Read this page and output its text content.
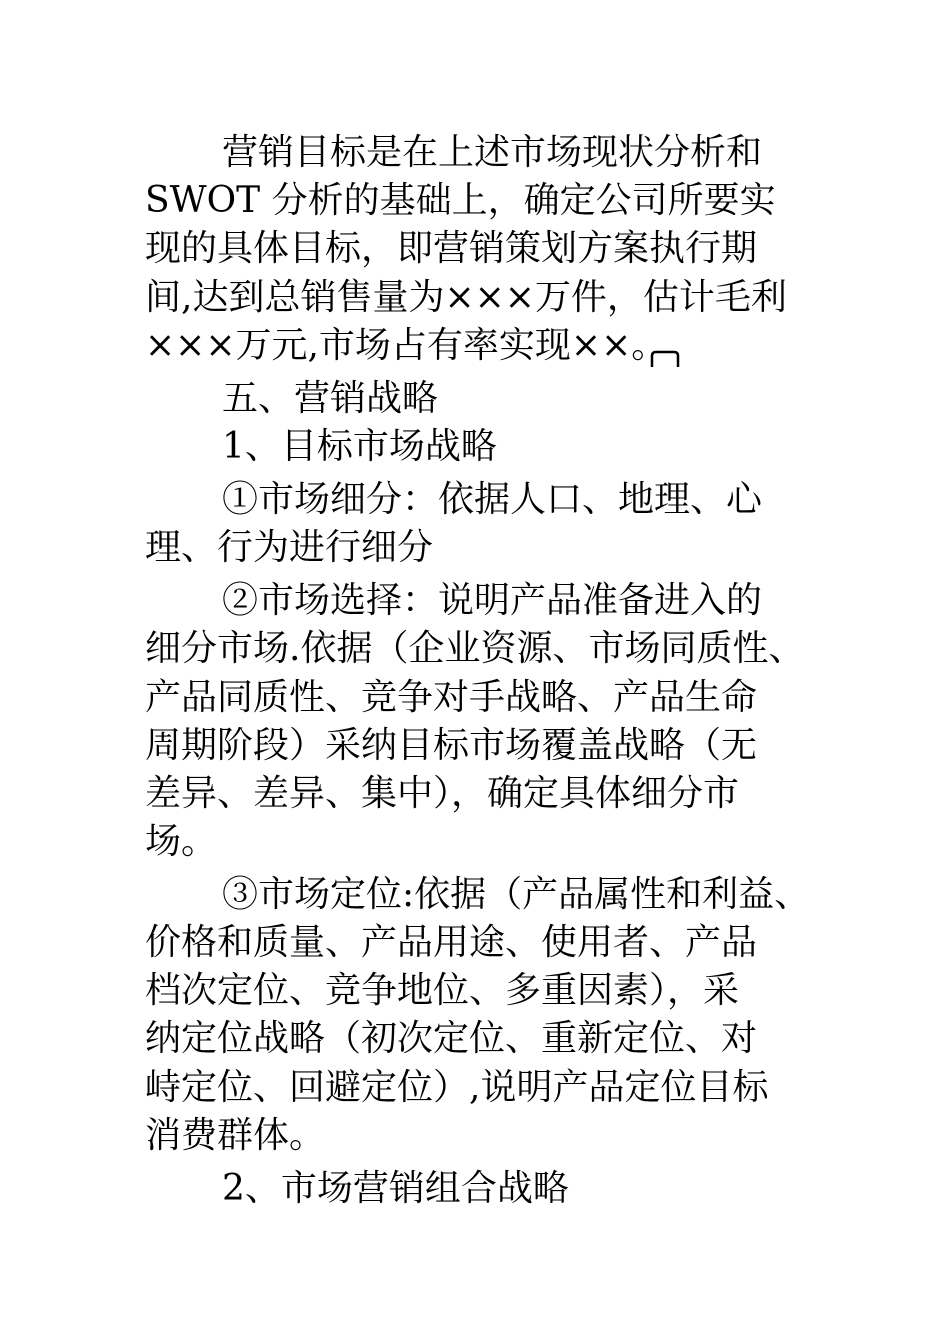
营销目标是在上述市场现状分析和
SWOT 分析的基础上，确定公司所要实
现的具体目标，即营销策划方案执行期
间,达到总销售量为×××万件，估计毛利
×××万元,市场占有率实现××。
五、营销战略
1、目标市场战略
①市场细分：依据人口、地理、心
理、行为进行细分
②市场选择：说明产品准备进入的
细分市场.依据（企业资源、市场同质性、
产品同质性、竞争对手战略、产品生命
周期阶段）采纳目标市场覆盖战略（无
差异、差异、集中），确定具体细分市
场。
③市场定位:依据（产品属性和利益、
价格和质量、产品用途、使用者、产品
档次定位、竞争地位、多重因素），采
纳定位战略（初次定位、重新定位、对
峙定位、回避定位）,说明产品定位目标
消费群体。
2、市场营销组合战略
